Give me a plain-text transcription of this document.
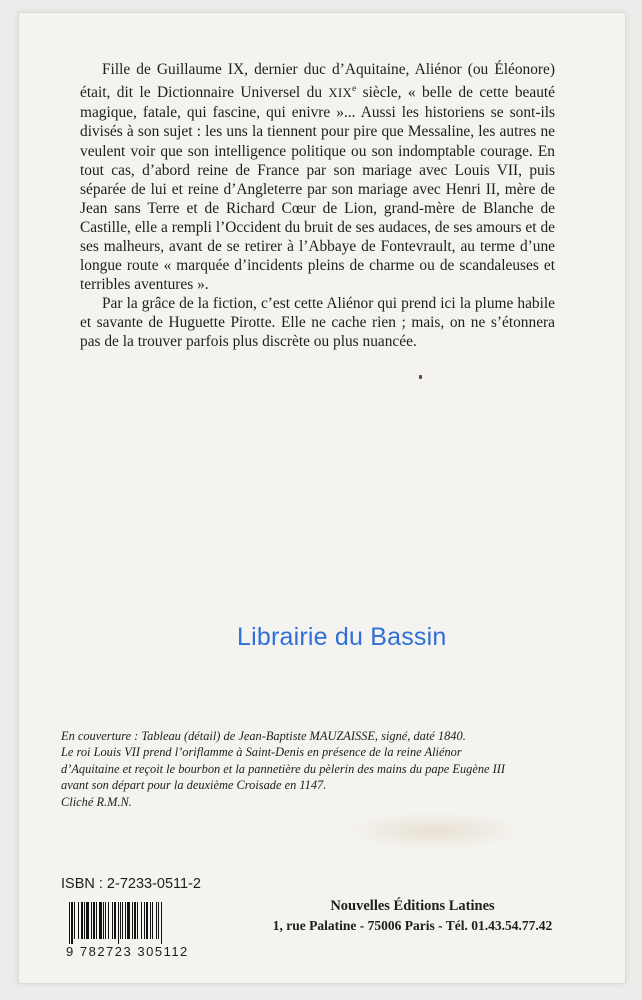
Fille de Guillaume IX, dernier duc d’Aquitaine, Aliénor (ou Éléonore) était, dit le Dictionnaire Universel du XIXe siècle, « belle de cette beauté magique, fatale, qui fascine, qui enivre »... Aussi les historiens se sont-ils divisés à son sujet : les uns la tiennent pour pire que Messaline, les autres ne veulent voir que son intelligence politique ou son indomptable courage. En tout cas, d’abord reine de France par son mariage avec Louis VII, puis séparée de lui et reine d’Angleterre par son mariage avec Henri II, mère de Jean sans Terre et de Richard Cœur de Lion, grand-mère de Blanche de Castille, elle a rempli l’Occident du bruit de ses audaces, de ses amours et de ses malheurs, avant de se retirer à l’Abbaye de Fontevrault, au terme d’une longue route « marquée d’incidents pleins de charme ou de scandaleuses et terribles aventures ».

Par la grâce de la fiction, c’est cette Aliénor qui prend ici la plume habile et savante de Huguette Pirotte. Elle ne cache rien ; mais, on ne s’étonnera pas de la trouver parfois plus discrète ou plus nuancée.

Librairie du Bassin
En couverture : Tableau (détail) de Jean-Baptiste MAUZAISSE, signé, daté 1840.
Le roi Louis VII prend l’oriflamme à Saint-Denis en présence de la reine Aliénor
d’Aquitaine et reçoit le bourbon et la pannetière du pèlerin des mains du pape Eugène III
avant son départ pour la deuxième Croisade en 1147.
Cliché R.M.N.
ISBN : 2-7233-0511-2
9 782723 305112
Nouvelles Éditions Latines
1, rue Palatine - 75006 Paris - Tél. 01.43.54.77.42
